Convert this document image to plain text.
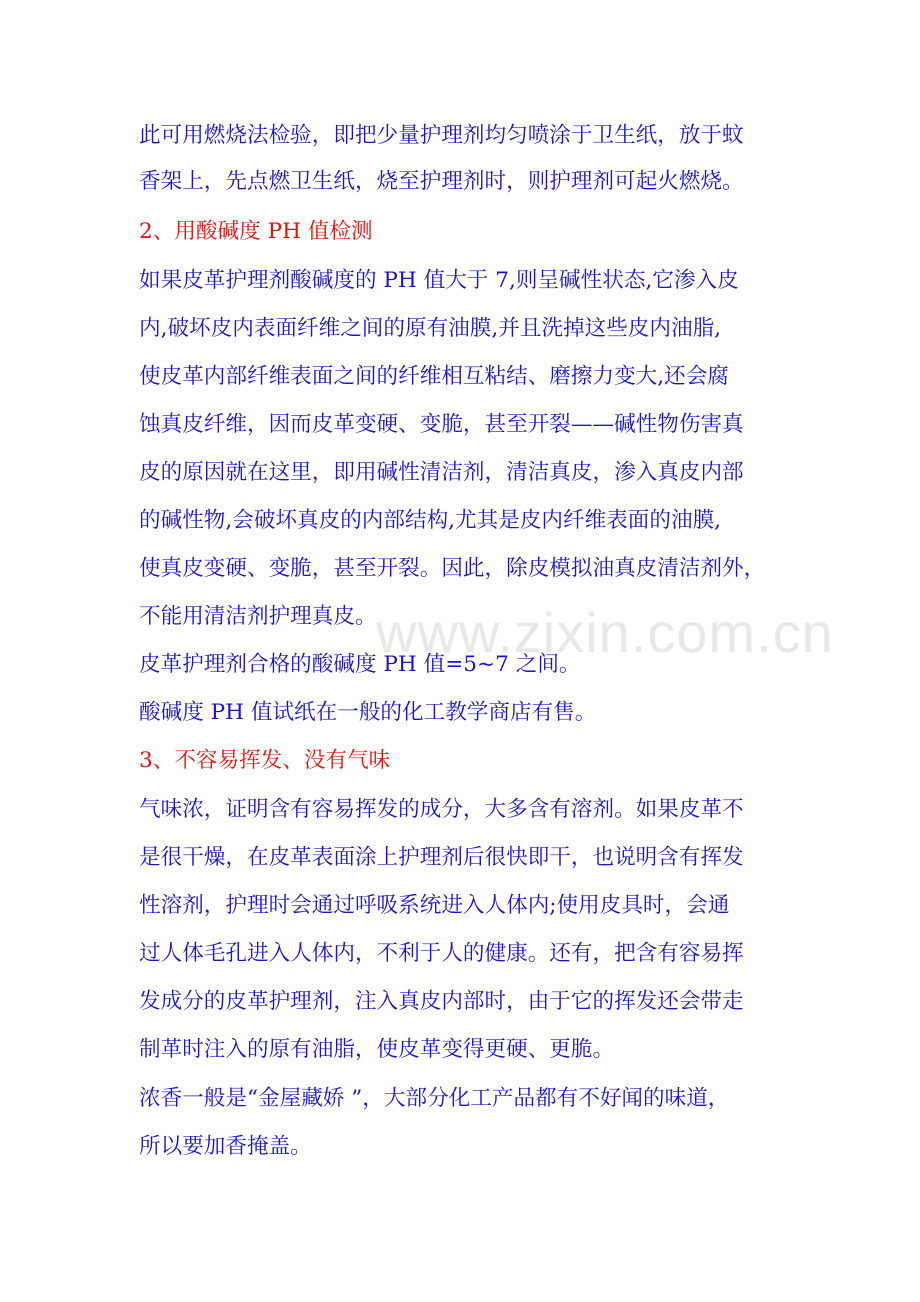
此可用燃烧法检验，即把少量护理剂均匀喷涂于卫生纸，放于蚊
香架上，先点燃卫生纸，烧至护理剂时，则护理剂可起火燃烧。
2、用酸碱度 PH 值检测
如果皮革护理剂酸碱度的 PH 值大于 7,则呈碱性状态,它渗入皮
内,破坏皮内表面纤维之间的原有油膜,并且洗掉这些皮内油脂,
使皮革内部纤维表面之间的纤维相互粘结、磨擦力变大,还会腐
蚀真皮纤维，因而皮革变硬、变脆，甚至开裂——碱性物伤害真
皮的原因就在这里，即用碱性清洁剂，清洁真皮，渗入真皮内部
的碱性物,会破坏真皮的内部结构,尤其是皮内纤维表面的油膜,
使真皮变硬、变脆，甚至开裂。因此，除皮模拟油真皮清洁剂外，
不能用清洁剂护理真皮。
皮革护理剂合格的酸碱度 PH 值=5~7 之间。
酸碱度 PH 值试纸在一般的化工教学商店有售。
3、不容易挥发、没有气味
气味浓，证明含有容易挥发的成分，大多含有溶剂。如果皮革不
是很干燥，在皮革表面涂上护理剂后很快即干，也说明含有挥发
性溶剂，护理时会通过呼吸系统进入人体内;使用皮具时，会通
过人体毛孔进入人体内，不利于人的健康。还有，把含有容易挥
发成分的皮革护理剂，注入真皮内部时，由于它的挥发还会带走
制革时注入的原有油脂，使皮革变得更硬、更脆。
浓香一般是“金屋藏娇 ”，大部分化工产品都有不好闻的味道，
所以要加香掩盖。
www.zixin.com.cn
